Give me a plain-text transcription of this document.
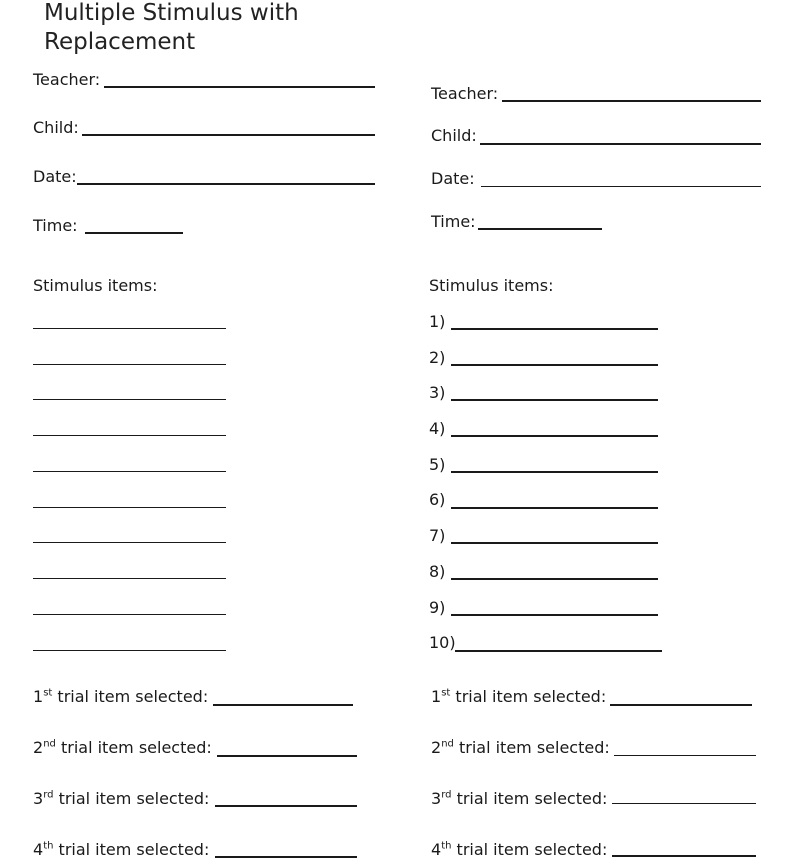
Multiple Stimulus with Replacement
Teacher:
Child:
Date:
Time:
Stimulus items:
1st trial item selected:
2nd trial item selected:
3rd trial item selected:
4th trial item selected:
Teacher:
Child:
Date:
Time:
Stimulus items:
1)
2)
3)
4)
5)
6)
7)
8)
9)
10)
1st trial item selected:
2nd trial item selected:
3rd trial item selected:
4th trial item selected:
